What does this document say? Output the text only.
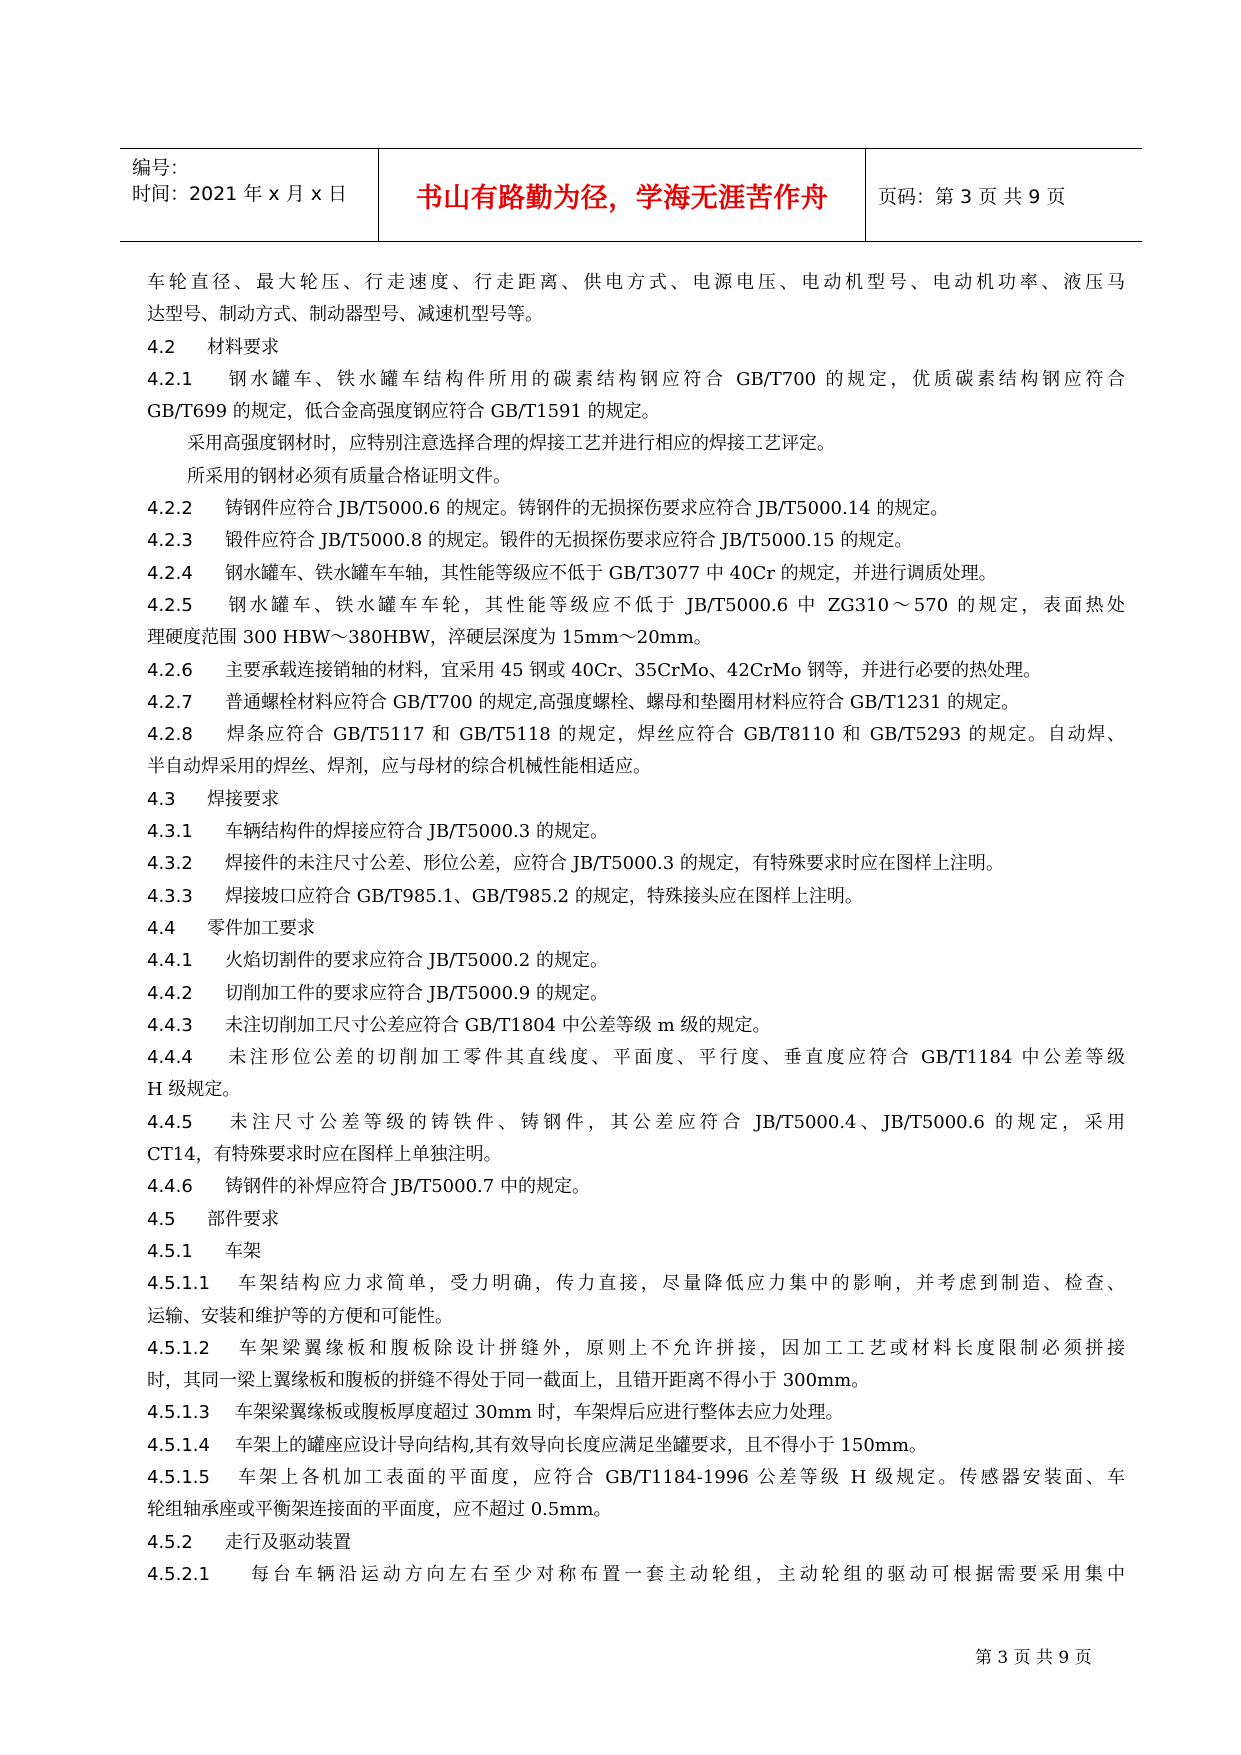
编号：
时间：2021 年 x 月 x 日	书山有路勤为径，学海无涯苦作舟	页码：第 3 页 共 9 页
车轮直径、最大轮压、行走速度、行走距离、供电方式、电源电压、电动机型号、电动机功率、液压马
达型号、制动方式、制动器型号、减速机型号等。
4.2 材料要求
4.2.1 钢水罐车、铁水罐车结构件所用的碳素结构钢应符合 GB/T700 的规定，优质碳素结构钢应符合
GB/T699 的规定，低合金高强度钢应符合 GB/T1591 的规定。
采用高强度钢材时，应特别注意选择合理的焊接工艺并进行相应的焊接工艺评定。
所采用的钢材必须有质量合格证明文件。
4.2.2 铸钢件应符合 JB/T5000.6 的规定。铸钢件的无损探伤要求应符合 JB/T5000.14 的规定。
4.2.3 锻件应符合 JB/T5000.8 的规定。锻件的无损探伤要求应符合 JB/T5000.15 的规定。
4.2.4 钢水罐车、铁水罐车车轴，其性能等级应不低于 GB/T3077 中 40Cr 的规定，并进行调质处理。
4.2.5 钢水罐车、铁水罐车车轮，其性能等级应不低于 JB/T5000.6 中 ZG310～570 的规定，表面热处
理硬度范围 300 HBW～380HBW，淬硬层深度为 15mm～20mm。
4.2.6 主要承载连接销轴的材料，宜采用 45 钢或 40Cr、35CrMo、42CrMo 钢等，并进行必要的热处理。
4.2.7 普通螺栓材料应符合 GB/T700 的规定,高强度螺栓、螺母和垫圈用材料应符合 GB/T1231 的规定。
4.2.8 焊条应符合 GB/T5117 和 GB/T5118 的规定，焊丝应符合 GB/T8110 和 GB/T5293 的规定。自动焊、
半自动焊采用的焊丝、焊剂，应与母材的综合机械性能相适应。
4.3 焊接要求
4.3.1 车辆结构件的焊接应符合 JB/T5000.3 的规定。
4.3.2 焊接件的未注尺寸公差、形位公差，应符合 JB/T5000.3 的规定，有特殊要求时应在图样上注明。
4.3.3 焊接坡口应符合 GB/T985.1、GB/T985.2 的规定，特殊接头应在图样上注明。
4.4 零件加工要求
4.4.1 火焰切割件的要求应符合 JB/T5000.2 的规定。
4.4.2 切削加工件的要求应符合 JB/T5000.9 的规定。
4.4.3 未注切削加工尺寸公差应符合 GB/T1804 中公差等级 m 级的规定。
4.4.4 未注形位公差的切削加工零件其直线度、平面度、平行度、垂直度应符合 GB/T1184 中公差等级
H 级规定。
4.4.5 未注尺寸公差等级的铸铁件、铸钢件，其公差应符合 JB/T5000.4、JB/T5000.6 的规定，采用
CT14，有特殊要求时应在图样上单独注明。
4.4.6 铸钢件的补焊应符合 JB/T5000.7 中的规定。
4.5 部件要求
4.5.1 车架
4.5.1.1 车架结构应力求简单，受力明确，传力直接，尽量降低应力集中的影响，并考虑到制造、检查、
运输、安装和维护等的方便和可能性。
4.5.1.2 车架梁翼缘板和腹板除设计拼缝外，原则上不允许拼接，因加工工艺或材料长度限制必须拼接
时，其同一梁上翼缘板和腹板的拼缝不得处于同一截面上，且错开距离不得小于 300mm。
4.5.1.3 车架梁翼缘板或腹板厚度超过 30mm 时，车架焊后应进行整体去应力处理。
4.5.1.4 车架上的罐座应设计导向结构,其有效导向长度应满足坐罐要求，且不得小于 150mm。
4.5.1.5 车架上各机加工表面的平面度，应符合 GB/T1184-1996 公差等级 H 级规定。传感器安装面、车
轮组轴承座或平衡架连接面的平面度，应不超过 0.5mm。
4.5.2 走行及驱动装置
4.5.2.1 每台车辆沿运动方向左右至少对称布置一套主动轮组，主动轮组的驱动可根据需要采用集中
第 3 页 共 9 页
